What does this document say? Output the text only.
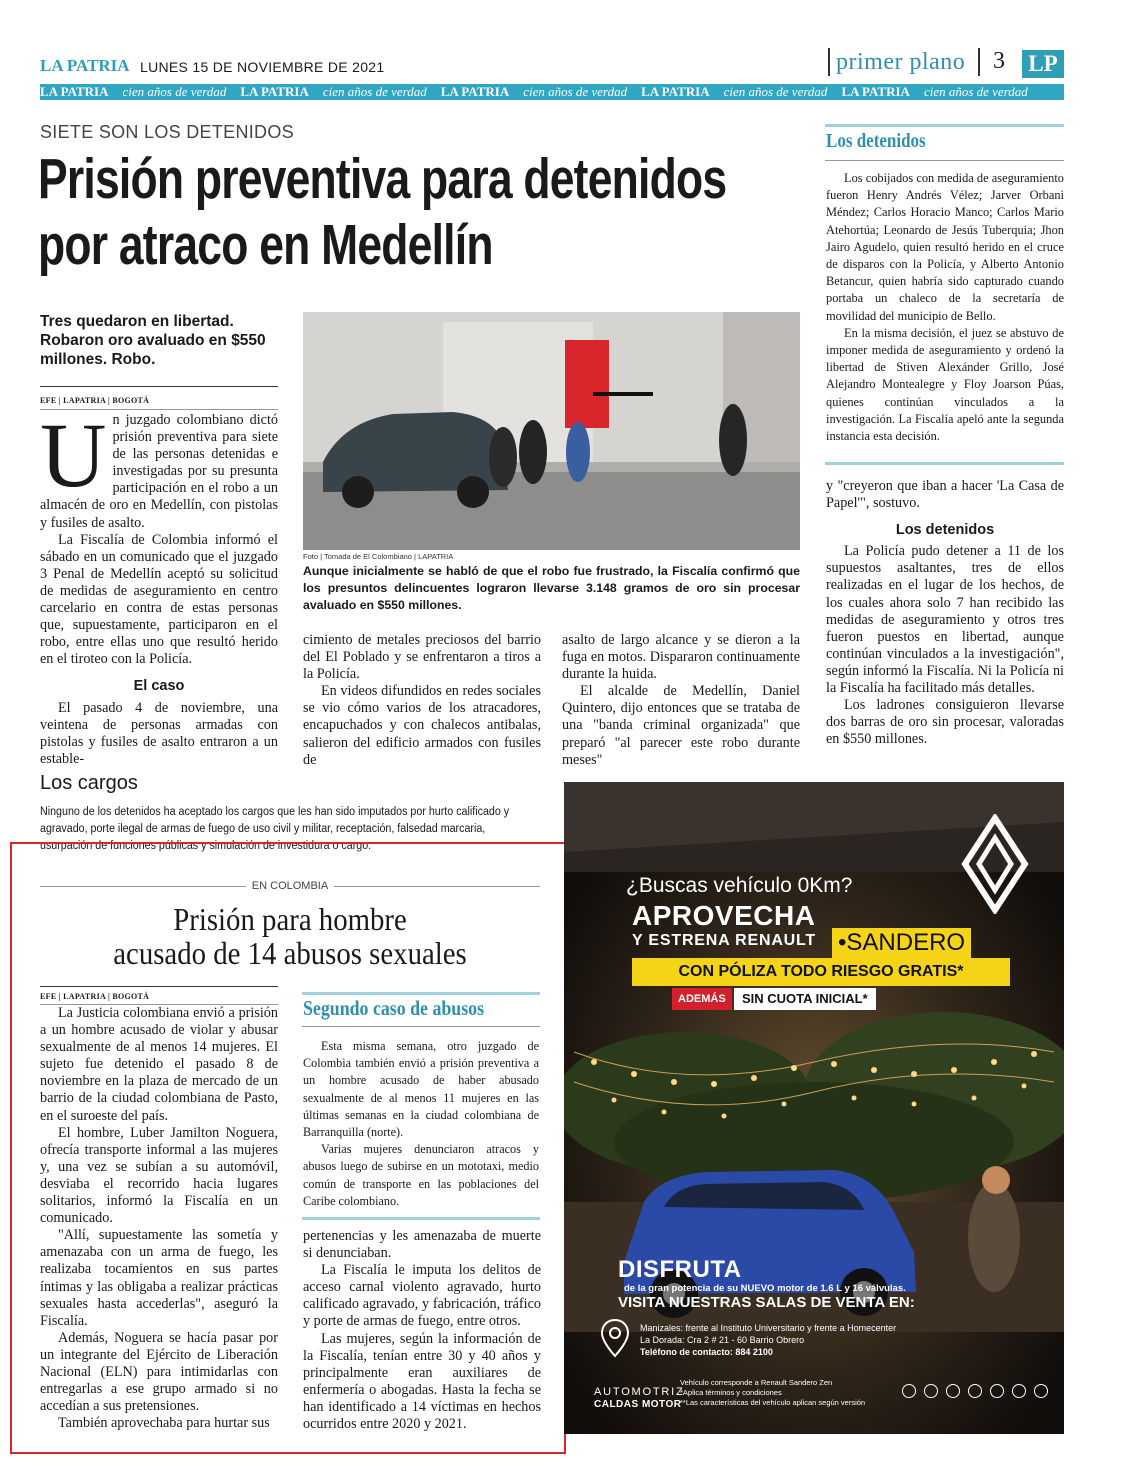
LA PATRIA LUNES 15 DE NOVIEMBRE DE 2021	primer plano 3 LP
LA PATRIA cien años de verdad LA PATRIA cien años de verdad LA PATRIA cien años de verdad LA PATRIA cien años de verdad LA PATRIA cien años de verdad
SIETE SON LOS DETENIDOS
Prisión preventiva para detenidos
por atraco en Medellín
Tres quedaron en libertad. Robaron oro avaluado en $550 millones. Robo.
EFE | LAPATRIA | BOGOTÁ
U n juzgado colombiano dictó prisión preventiva para siete de las personas detenidas e investigadas por su presunta participación en el robo a un almacén de oro en Medellín, con pistolas y fusiles de asalto.

La Fiscalía de Colombia informó el sábado en un comunicado que el juzgado 3 Penal de Medellín aceptó su solicitud de medidas de aseguramiento en centro carcelario en contra de estas personas que, supuestamente, participaron en el robo, entre ellas uno que resultó herido en el tiroteo con la Policía.

El caso

El pasado 4 de noviembre, una veintena de personas armadas con pistolas y fusiles de asalto entraron a un estable-

Foto | Tomada de El Colombiano | LAPATRIA
Aunque inicialmente se habló de que el robo fue frustrado, la Fiscalía confirmó que los presuntos delincuentes lograron llevarse 3.148 gramos de oro sin procesar avaluado en $550 millones.

cimiento de metales preciosos del barrio del El Poblado y se enfrentaron a tiros a la Policía.

En videos difundidos en redes sociales se vio cómo varios de los atracadores, encapuchados y con chalecos antibalas, salieron del edificio armados con fusiles de

asalto de largo alcance y se dieron a la fuga en motos. Dispararon continuamente durante la huida.

El alcalde de Medellín, Daniel Quintero, dijo entonces que se trataba de una "banda criminal organizada" que preparó "al parecer este robo durante meses"

Los detenidos

Los cobijados con medida de aseguramiento fueron Henry Andrés Vélez; Jarver Orbani Méndez; Carlos Horacio Manco; Carlos Mario Atehortúa; Leonardo de Jesús Tuberquia; Jhon Jairo Agudelo, quien resultó herido en el cruce de disparos con la Policía, y Alberto Antonio Betancur, quien habría sido capturado cuando portaba un chaleco de la secretaría de movilidad del municipio de Bello.

En la misma decisión, el juez se abstuvo de imponer medida de aseguramiento y ordenó la libertad de Stiven Alexánder Grillo, José Alejandro Montealegre y Floy Joarson Púas, quienes continúan vinculados a la investigación. La Fiscalía apeló ante la segunda instancia esta decisión.

y "creyeron que iban a hacer 'La Casa de Papel'", sostuvo.

Los detenidos

La Policía pudo detener a 11 de los supuestos asaltantes, tres de ellos realizadas en el lugar de los hechos, de los cuales ahora solo 7 han recibido las medidas de aseguramiento y otros tres fueron puestos en libertad, aunque continúan vinculados a la investigación", según informó la Fiscalía. Ni la Policía ni la Fiscalía ha facilitado más detalles.

Los ladrones consiguieron llevarse dos barras de oro sin procesar, valoradas en $550 millones.

Los cargos
Ninguno de los detenidos ha aceptado los cargos que les han sido imputados por hurto calificado y agravado, porte ilegal de armas de fuego de uso civil y militar, receptación, falsedad marcaria, usurpación de funciones públicas y simulación de investidura o cargo.
EN COLOMBIA
Prisión para hombre
acusado de 14 abusos sexuales
EFE | LAPATRIA | BOGOTÁ

La Justicia colombiana envió a prisión a un hombre acusado de violar y abusar sexualmente de al menos 14 mujeres. El sujeto fue detenido el pasado 8 de noviembre en la plaza de mercado de un barrio de la ciudad colombiana de Pasto, en el suroeste del país.

El hombre, Luber Jamilton Noguera, ofrecía transporte informal a las mujeres y, una vez se subían a su automóvil, desviaba el recorrido hacia lugares solitarios, informó la Fiscalía en un comunicado.

"Allí, supuestamente las sometía y amenazaba con un arma de fuego, les realizaba tocamientos en sus partes íntimas y las obligaba a realizar prácticas sexuales hasta accederlas", aseguró la Fiscalía.

Además, Noguera se hacía pasar por un integrante del Ejército de Liberación Nacional (ELN) para intimidarlas con entregarlas a ese grupo armado si no accedían a sus pretensiones.

También aprovechaba para hurtar sus

Segundo caso de abusos

Esta misma semana, otro juzgado de Colombia también envió a prisión preventiva a un hombre acusado de haber abusado sexualmente de al menos 11 mujeres en las últimas semanas en la ciudad colombiana de Barranquilla (norte).

Varias mujeres denunciaron atracos y abusos luego de subirse en un mototaxi, medio común de transporte en las poblaciones del Caribe colombiano.

pertenencias y les amenazaba de muerte si denunciaban.

La Fiscalía le imputa los delitos de acceso carnal violento agravado, hurto calificado agravado, y fabricación, tráfico y porte de armas de fuego, entre otros.

Las mujeres, según la información de la Fiscalía, tenían entre 30 y 40 años y principalmente eran auxiliares de enfermería o abogadas. Hasta la fecha se han identificado a 14 víctimas en hechos ocurridos entre 2020 y 2021.

¿Buscas vehículo 0Km?
APROVECHA
Y ESTRENA RENAULT •SANDERO
CON PÓLIZA TODO RIESGO GRATIS*
ADEMÁS	SIN CUOTA INICIAL*
DISFRUTA
de la gran potencia de su NUEVO motor de 1.6 L y 16 válvulas.
VISITA NUESTRAS SALAS DE VENTA EN:
Manizales: frente al Instituto Universitario y frente a Homecenter
La Dorada: Cra 2 # 21 - 60 Barrio Obrero
Teléfono de contacto: 884 2100
AUTOMOTRIZ
CALDAS MOTOR
Vehículo corresponde a Renault Sandero Zen
*Aplica términos y condiciones
**Las características del vehículo aplican según versión
